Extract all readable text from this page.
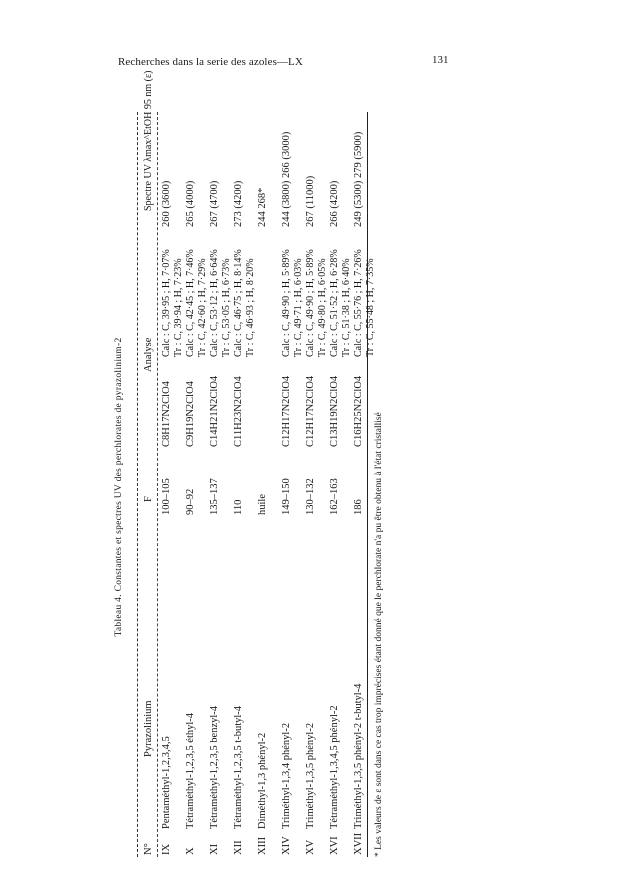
Recherches dans la serie des azoles—LX	131
Tableau 4. Constantes et spectres UV des perchlorates de pyrazolinium-2
N°
Pyrazolinium
F
Analyse
Spectre UV λmax^EtOH 95 nm (ε)
IX
Pentaméthyl-1,2,3,4,5
100–105
C8H17N2ClO4
Calc : C, 39·95 ; H, 7·07%
Tr : C, 39·94 ; H, 7·23%
260 (3600)
X
Tétraméthyl-1,2,3,5 éthyl-4
90–92
C9H19N2ClO4
Calc : C, 42·45 ; H, 7·46%
Tr : C, 42·60 ; H, 7·29%
265 (4000)
XI
Tétraméthyl-1,2,3,5 benzyl-4
135–137
C14H21N2ClO4
Calc : C, 53·12 ; H, 6·64%
Tr : C, 53·05 ; H, 6·73%
267 (4700)
XII
Tétraméthyl-1,2,3,5 t-butyl-4
110
C11H23N2ClO4
Calc : C, 46·75 ; H, 8·14%
Tr : C, 46·93 ; H, 8·20%
273 (4200)
XIII
Diméthyl-1,3 phényl-2
huile

244 268*
XIV
Triméthyl-1,3,4 phényl-2
149–150
C12H17N2ClO4
Calc : C, 49·90 ; H, 5·89%
Tr : C, 49·71 ; H, 6·03%
244 (3800) 266 (3000)
XV
Triméthyl-1,3,5 phényl-2
130–132
C12H17N2ClO4
Calc : C, 49·90 ; H, 5·89%
Tr : C, 49·80 ; H, 6·05%
267 (11000)
XVI
Tétraméthyl-1,3,4,5 phényl-2
162–163
C13H19N2ClO4
Calc : C, 51·52 ; H, 6·28%
Tr : C, 51·38 ; H, 6·40%
266 (4200)
XVII
Triméthyl-1,3,5 phényl-2 t-butyl-4
186
C16H25N2ClO4
Calc : C, 55·76 ; H, 7·26%
Tr : C, 55·48 ; H, 7·35%
249 (5300) 279 (5900)
* Les valeurs de ε sont dans ce cas trop imprécises étant donné que le perchlorate n'a pu être obtenu à l'état cristallisé
